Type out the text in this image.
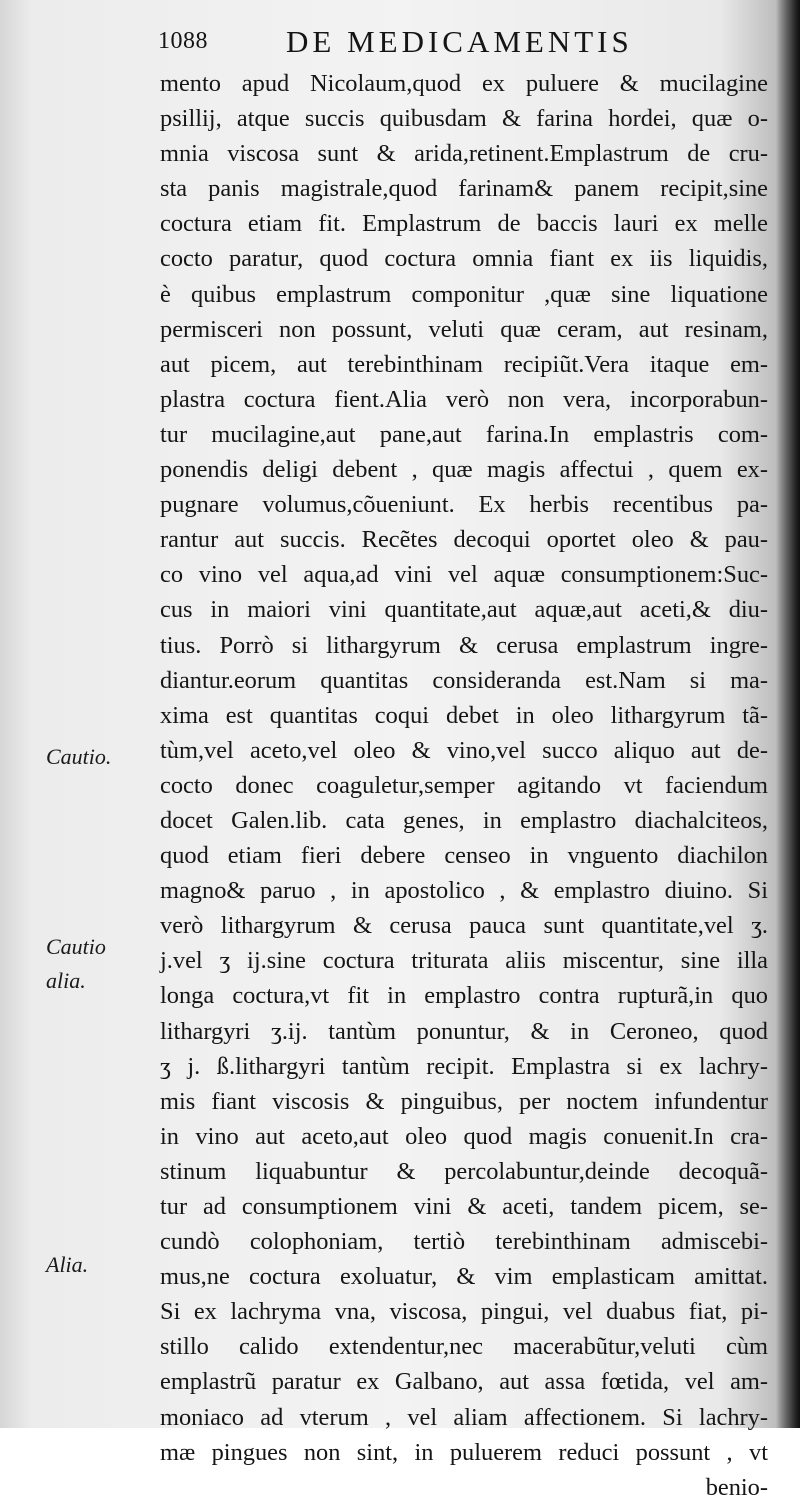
1088	DE MEDICAMENTIS
Cautio.
Cautio
alia.
Alia.
mento apud Nicolaum,quod ex puluere & mucilagine
psillij, atque succis quibusdam & farina hordei, quæ o-
mnia viscosa sunt & arida,retinent.Emplastrum de cru-
sta panis magistrale,quod farinam& panem recipit,sine
coctura etiam fit. Emplastrum de baccis lauri ex melle
cocto paratur, quod coctura omnia fiant ex iis liquidis,
è quibus emplastrum componitur ,quæ sine liquatione
permisceri non possunt, veluti quæ ceram, aut resinam,
aut picem, aut terebinthinam recipiũt.Vera itaque em-
plastra coctura fient.Alia verò non vera, incorporabun-
tur mucilagine,aut pane,aut farina.In emplastris com-
ponendis deligi debent , quæ magis affectui , quem ex-
pugnare volumus,cõueniunt. Ex herbis recentibus pa-
rantur aut succis. Recẽtes decoqui oportet oleo & pau-
co vino vel aqua,ad vini vel aquæ consumptionem:Suc-
cus in maiori vini quantitate,aut aquæ,aut aceti,& diu-
tius. Porrò si lithargyrum & cerusa emplastrum ingre-
diantur.eorum quantitas consideranda est.Nam si ma-
xima est quantitas coqui debet in oleo lithargyrum tã-
tùm,vel aceto,vel oleo & vino,vel succo aliquo aut de-
cocto donec coaguletur,semper agitando vt faciendum
docet Galen.lib. cata genes, in emplastro diachalciteos,
quod etiam fieri debere censeo in vnguento diachilon
magno& paruo , in apostolico , & emplastro diuino. Si
verò lithargyrum & cerusa pauca sunt quantitate,vel ʒ.
j.vel ʒ ij.sine coctura triturata aliis miscentur, sine illa
longa coctura,vt fit in emplastro contra rupturã,in quo
lithargyri ʒ.ij. tantùm ponuntur, & in Ceroneo, quod
ʒ j. ß.lithargyri tantùm recipit. Emplastra si ex lachry-
mis fiant viscosis & pinguibus, per noctem infundentur
in vino aut aceto,aut oleo quod magis conuenit.In cra-
stinum liquabuntur & percolabuntur,deinde decoquã-
tur ad consumptionem vini & aceti, tandem picem, se-
cundò colophoniam, tertiò terebinthinam admiscebi-
mus,ne coctura exoluatur, & vim emplasticam amittat.
Si ex lachryma vna, viscosa, pingui, vel duabus fiat, pi-
stillo calido extendentur,nec macerabũtur,veluti cùm
emplastrũ paratur ex Galbano, aut assa fœtida, vel am-
moniaco ad vterum , vel aliam affectionem. Si lachry-
mæ pingues non sint, in puluerem reduci possunt , vt
benio-
